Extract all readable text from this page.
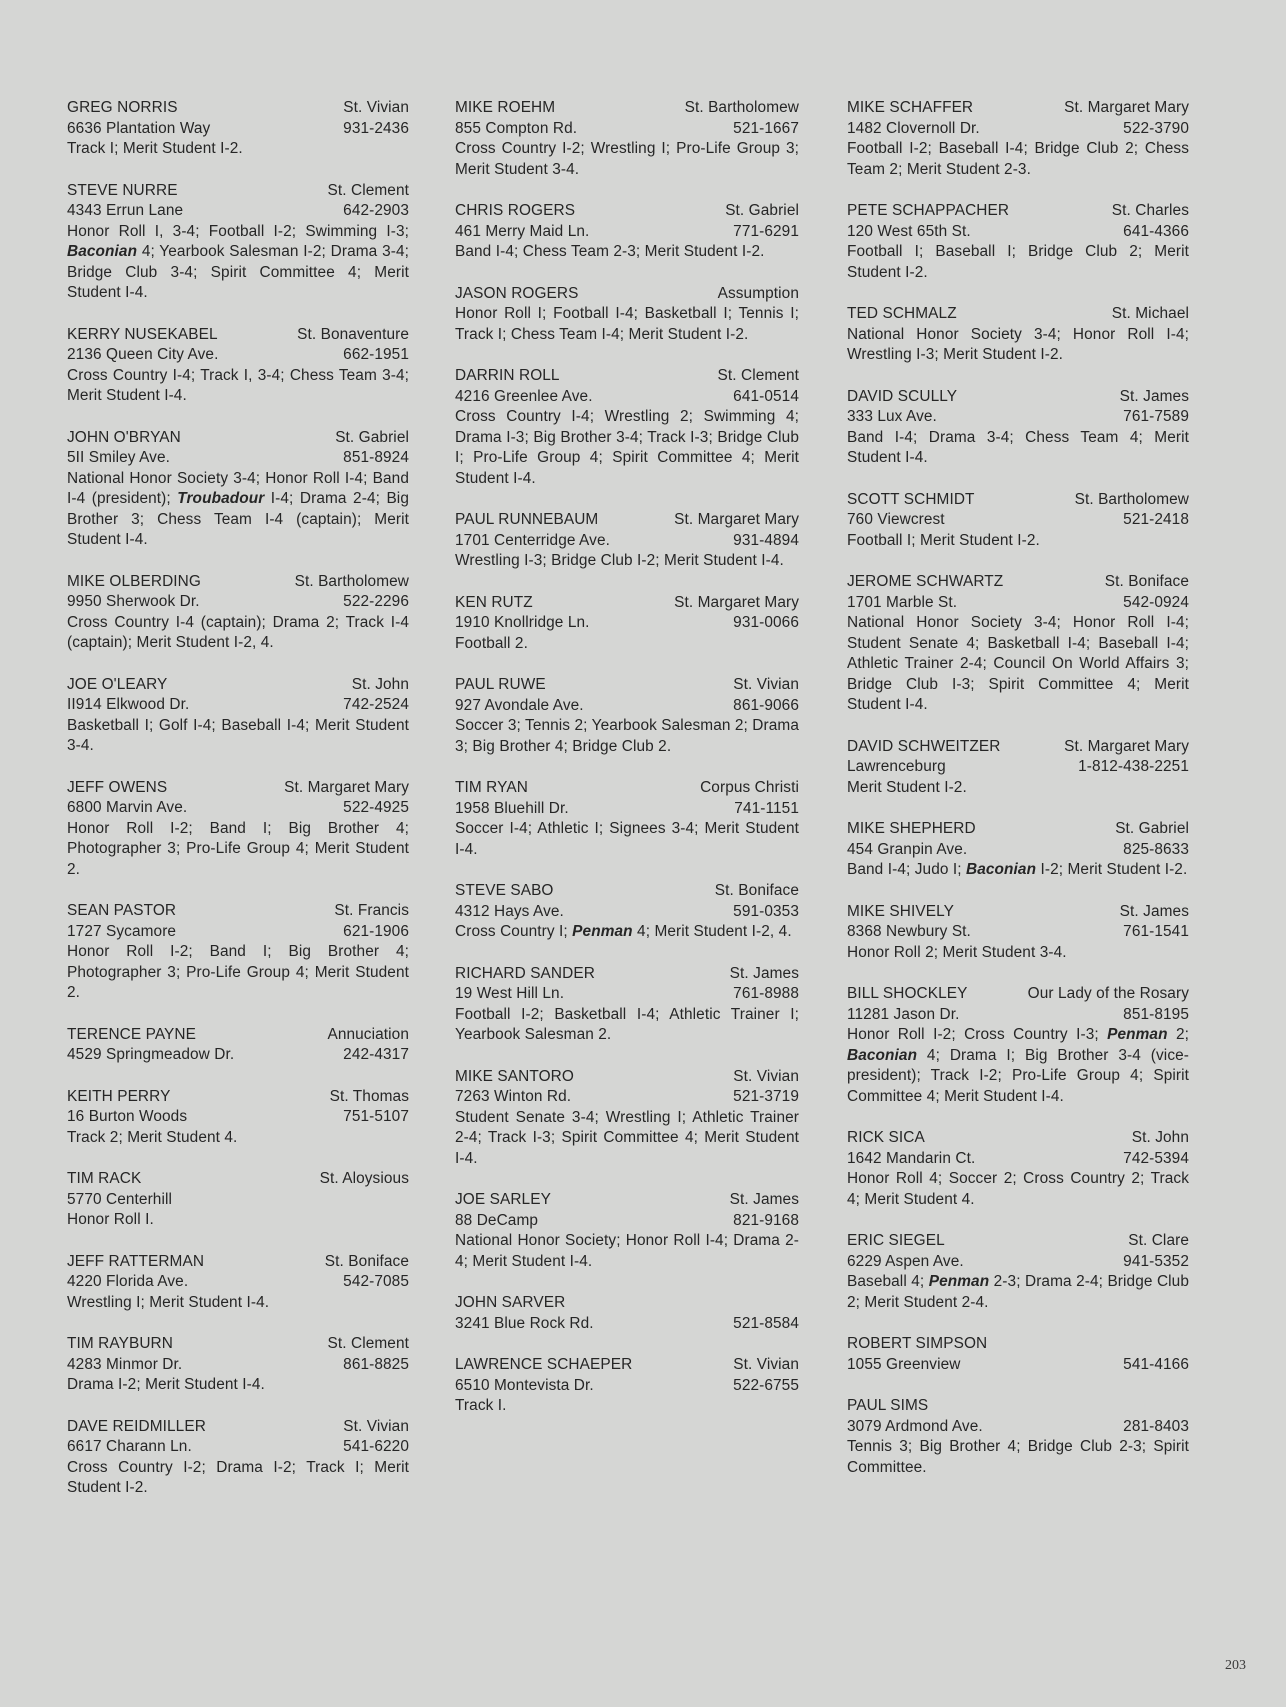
GREG NORRIS	St. Vivian
6636 Plantation Way	931-2436
Track I; Merit Student I-2.
STEVE NURRE	St. Clement
4343 Errun Lane	642-2903
Honor Roll I, 3-4; Football I-2; Swimming I-3; Baconian 4; Yearbook Salesman I-2; Drama 3-4; Bridge Club 3-4; Spirit Committee 4; Merit Student I-4.
KERRY NUSEKABEL	St. Bonaventure
2136 Queen City Ave.	662-1951
Cross Country I-4; Track I, 3-4; Chess Team 3-4; Merit Student I-4.
JOHN O'BRYAN	St. Gabriel
5II Smiley Ave.	851-8924
National Honor Society 3-4; Honor Roll I-4; Band I-4 (president); Troubadour I-4; Drama 2-4; Big Brother 3; Chess Team I-4 (captain); Merit Student I-4.
MIKE OLBERDING	St. Bartholomew
9950 Sherwook Dr.	522-2296
Cross Country I-4 (captain); Drama 2; Track I-4 (captain); Merit Student I-2, 4.
JOE O'LEARY	St. John
II914 Elkwood Dr.	742-2524
Basketball I; Golf I-4; Baseball I-4; Merit Student 3-4.
JEFF OWENS	St. Margaret Mary
6800 Marvin Ave.	522-4925
Honor Roll I-2; Band I; Big Brother 4; Photographer 3; Pro-Life Group 4; Merit Student 2.
SEAN PASTOR	St. Francis
1727 Sycamore	621-1906
Honor Roll I-2; Band I; Big Brother 4; Photographer 3; Pro-Life Group 4; Merit Student 2.
TERENCE PAYNE	Annuciation
4529 Springmeadow Dr.	242-4317
KEITH PERRY	St. Thomas
16 Burton Woods	751-5107
Track 2; Merit Student 4.
TIM RACK	St. Aloysious
5770 Centerhill
Honor Roll I.
JEFF RATTERMAN	St. Boniface
4220 Florida Ave.	542-7085
Wrestling I; Merit Student I-4.
TIM RAYBURN	St. Clement
4283 Minmor Dr.	861-8825
Drama I-2; Merit Student I-4.
DAVE REIDMILLER	St. Vivian
6617 Charann Ln.	541-6220
Cross Country I-2; Drama I-2; Track I; Merit Student I-2.
MIKE ROEHM	St. Bartholomew
855 Compton Rd.	521-1667
Cross Country I-2; Wrestling I; Pro-Life Group 3; Merit Student 3-4.
CHRIS ROGERS	St. Gabriel
461 Merry Maid Ln.	771-6291
Band I-4; Chess Team 2-3; Merit Student I-2.
JASON ROGERS	Assumption
Honor Roll I; Football I-4; Basketball I; Tennis I; Track I; Chess Team I-4; Merit Student I-2.
DARRIN ROLL	St. Clement
4216 Greenlee Ave.	641-0514
Cross Country I-4; Wrestling 2; Swimming 4; Drama I-3; Big Brother 3-4; Track I-3; Bridge Club I; Pro-Life Group 4; Spirit Committee 4; Merit Student I-4.
PAUL RUNNEBAUM	St. Margaret Mary
1701 Centerridge Ave.	931-4894
Wrestling I-3; Bridge Club I-2; Merit Student I-4.
KEN RUTZ	St. Margaret Mary
1910 Knollridge Ln.	931-0066
Football 2.
PAUL RUWE	St. Vivian
927 Avondale Ave.	861-9066
Soccer 3; Tennis 2; Yearbook Salesman 2; Drama 3; Big Brother 4; Bridge Club 2.
TIM RYAN	Corpus Christi
1958 Bluehill Dr.	741-1151
Soccer I-4; Athletic I; Signees 3-4; Merit Student I-4.
STEVE SABO	St. Boniface
4312 Hays Ave.	591-0353
Cross Country I; Penman 4; Merit Student I-2, 4.
RICHARD SANDER	St. James
19 West Hill Ln.	761-8988
Football I-2; Basketball I-4; Athletic Trainer I; Yearbook Salesman 2.
MIKE SANTORO	St. Vivian
7263 Winton Rd.	521-3719
Student Senate 3-4; Wrestling I; Athletic Trainer 2-4; Track I-3; Spirit Committee 4; Merit Student I-4.
JOE SARLEY	St. James
88 DeCamp	821-9168
National Honor Society; Honor Roll I-4; Drama 2-4; Merit Student I-4.
JOHN SARVER
3241 Blue Rock Rd.	521-8584
LAWRENCE SCHAEPER	St. Vivian
6510 Montevista Dr.	522-6755
Track I.
MIKE SCHAFFER	St. Margaret Mary
1482 Clovernoll Dr.	522-3790
Football I-2; Baseball I-4; Bridge Club 2; Chess Team 2; Merit Student 2-3.
PETE SCHAPPACHER	St. Charles
120 West 65th St.	641-4366
Football I; Baseball I; Bridge Club 2; Merit Student I-2.
TED SCHMALZ	St. Michael
National Honor Society 3-4; Honor Roll I-4; Wrestling I-3; Merit Student I-2.
DAVID SCULLY	St. James
333 Lux Ave.	761-7589
Band I-4; Drama 3-4; Chess Team 4; Merit Student I-4.
SCOTT SCHMIDT	St. Bartholomew
760 Viewcrest	521-2418
Football I; Merit Student I-2.
JEROME SCHWARTZ	St. Boniface
1701 Marble St.	542-0924
National Honor Society 3-4; Honor Roll I-4; Student Senate 4; Basketball I-4; Baseball I-4; Athletic Trainer 2-4; Council On World Affairs 3; Bridge Club I-3; Spirit Committee 4; Merit Student I-4.
DAVID SCHWEITZER	St. Margaret Mary
Lawrenceburg	1-812-438-2251
Merit Student I-2.
MIKE SHEPHERD	St. Gabriel
454 Granpin Ave.	825-8633
Band I-4; Judo I; Baconian I-2; Merit Student I-2.
MIKE SHIVELY	St. James
8368 Newbury St.	761-1541
Honor Roll 2; Merit Student 3-4.
BILL SHOCKLEY	Our Lady of the Rosary
11281 Jason Dr.	851-8195
Honor Roll I-2; Cross Country I-3; Penman 2; Baconian 4; Drama I; Big Brother 3-4 (vice-president); Track I-2; Pro-Life Group 4; Spirit Committee 4; Merit Student I-4.
RICK SICA	St. John
1642 Mandarin Ct.	742-5394
Honor Roll 4; Soccer 2; Cross Country 2; Track 4; Merit Student 4.
ERIC SIEGEL	St. Clare
6229 Aspen Ave.	941-5352
Baseball 4; Penman 2-3; Drama 2-4; Bridge Club 2; Merit Student 2-4.
ROBERT SIMPSON
1055 Greenview	541-4166
PAUL SIMS
3079 Ardmond Ave.	281-8403
Tennis 3; Big Brother 4; Bridge Club 2-3; Spirit Committee.
203
